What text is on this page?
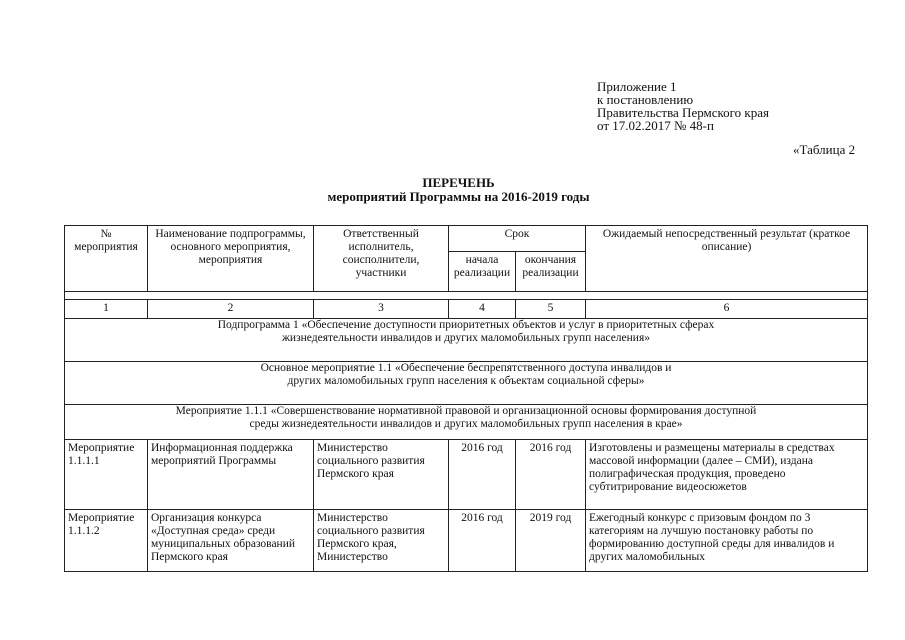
Приложение 1
к постановлению
Правительства Пермского края
от 17.02.2017 № 48-п
«Таблица 2
ПЕРЕЧЕНЬ
мероприятий Программы на 2016-2019 годы
№ мероприятия	Наименование подпрограммы, основного мероприятия, мероприятия	Ответственный исполнитель, соисполнители, участники	Срок		Ожидаемый непосредственный результат (краткое описание)
			начала реализации	окончания реализации	

1	2	3	4	5	6
Подпрограмма 1 «Обеспечение доступности приоритетных объектов и услуг в приоритетных сферах жизнедеятельности инвалидов и других маломобильных групп населения»					
Основное мероприятие 1.1 «Обеспечение беспрепятственного доступа инвалидов и других маломобильных групп населения к объектам социальной сферы»					
Мероприятие 1.1.1 «Совершенствование нормативной правовой и организационной основы формирования доступной среды жизнедеятельности инвалидов и других маломобильных групп населения в крае»					
Мероприятие 1.1.1.1	Информационная поддержка мероприятий Программы	Министерство социального развития Пермского края	2016 год	2016 год	Изготовлены и размещены материалы в средствах массовой информации (далее – СМИ), издана полиграфическая продукция, проведено субтитрирование видеосюжетов
Мероприятие 1.1.1.2	Организация конкурса «Доступная среда» среди муниципальных образований Пермского края	Министерство социального развития Пермского края, Министерство	2016 год	2019 год	Ежегодный конкурс с призовым фондом по 3 категориям на лучшую постановку работы по формированию доступной среды для инвалидов и других маломобильных
